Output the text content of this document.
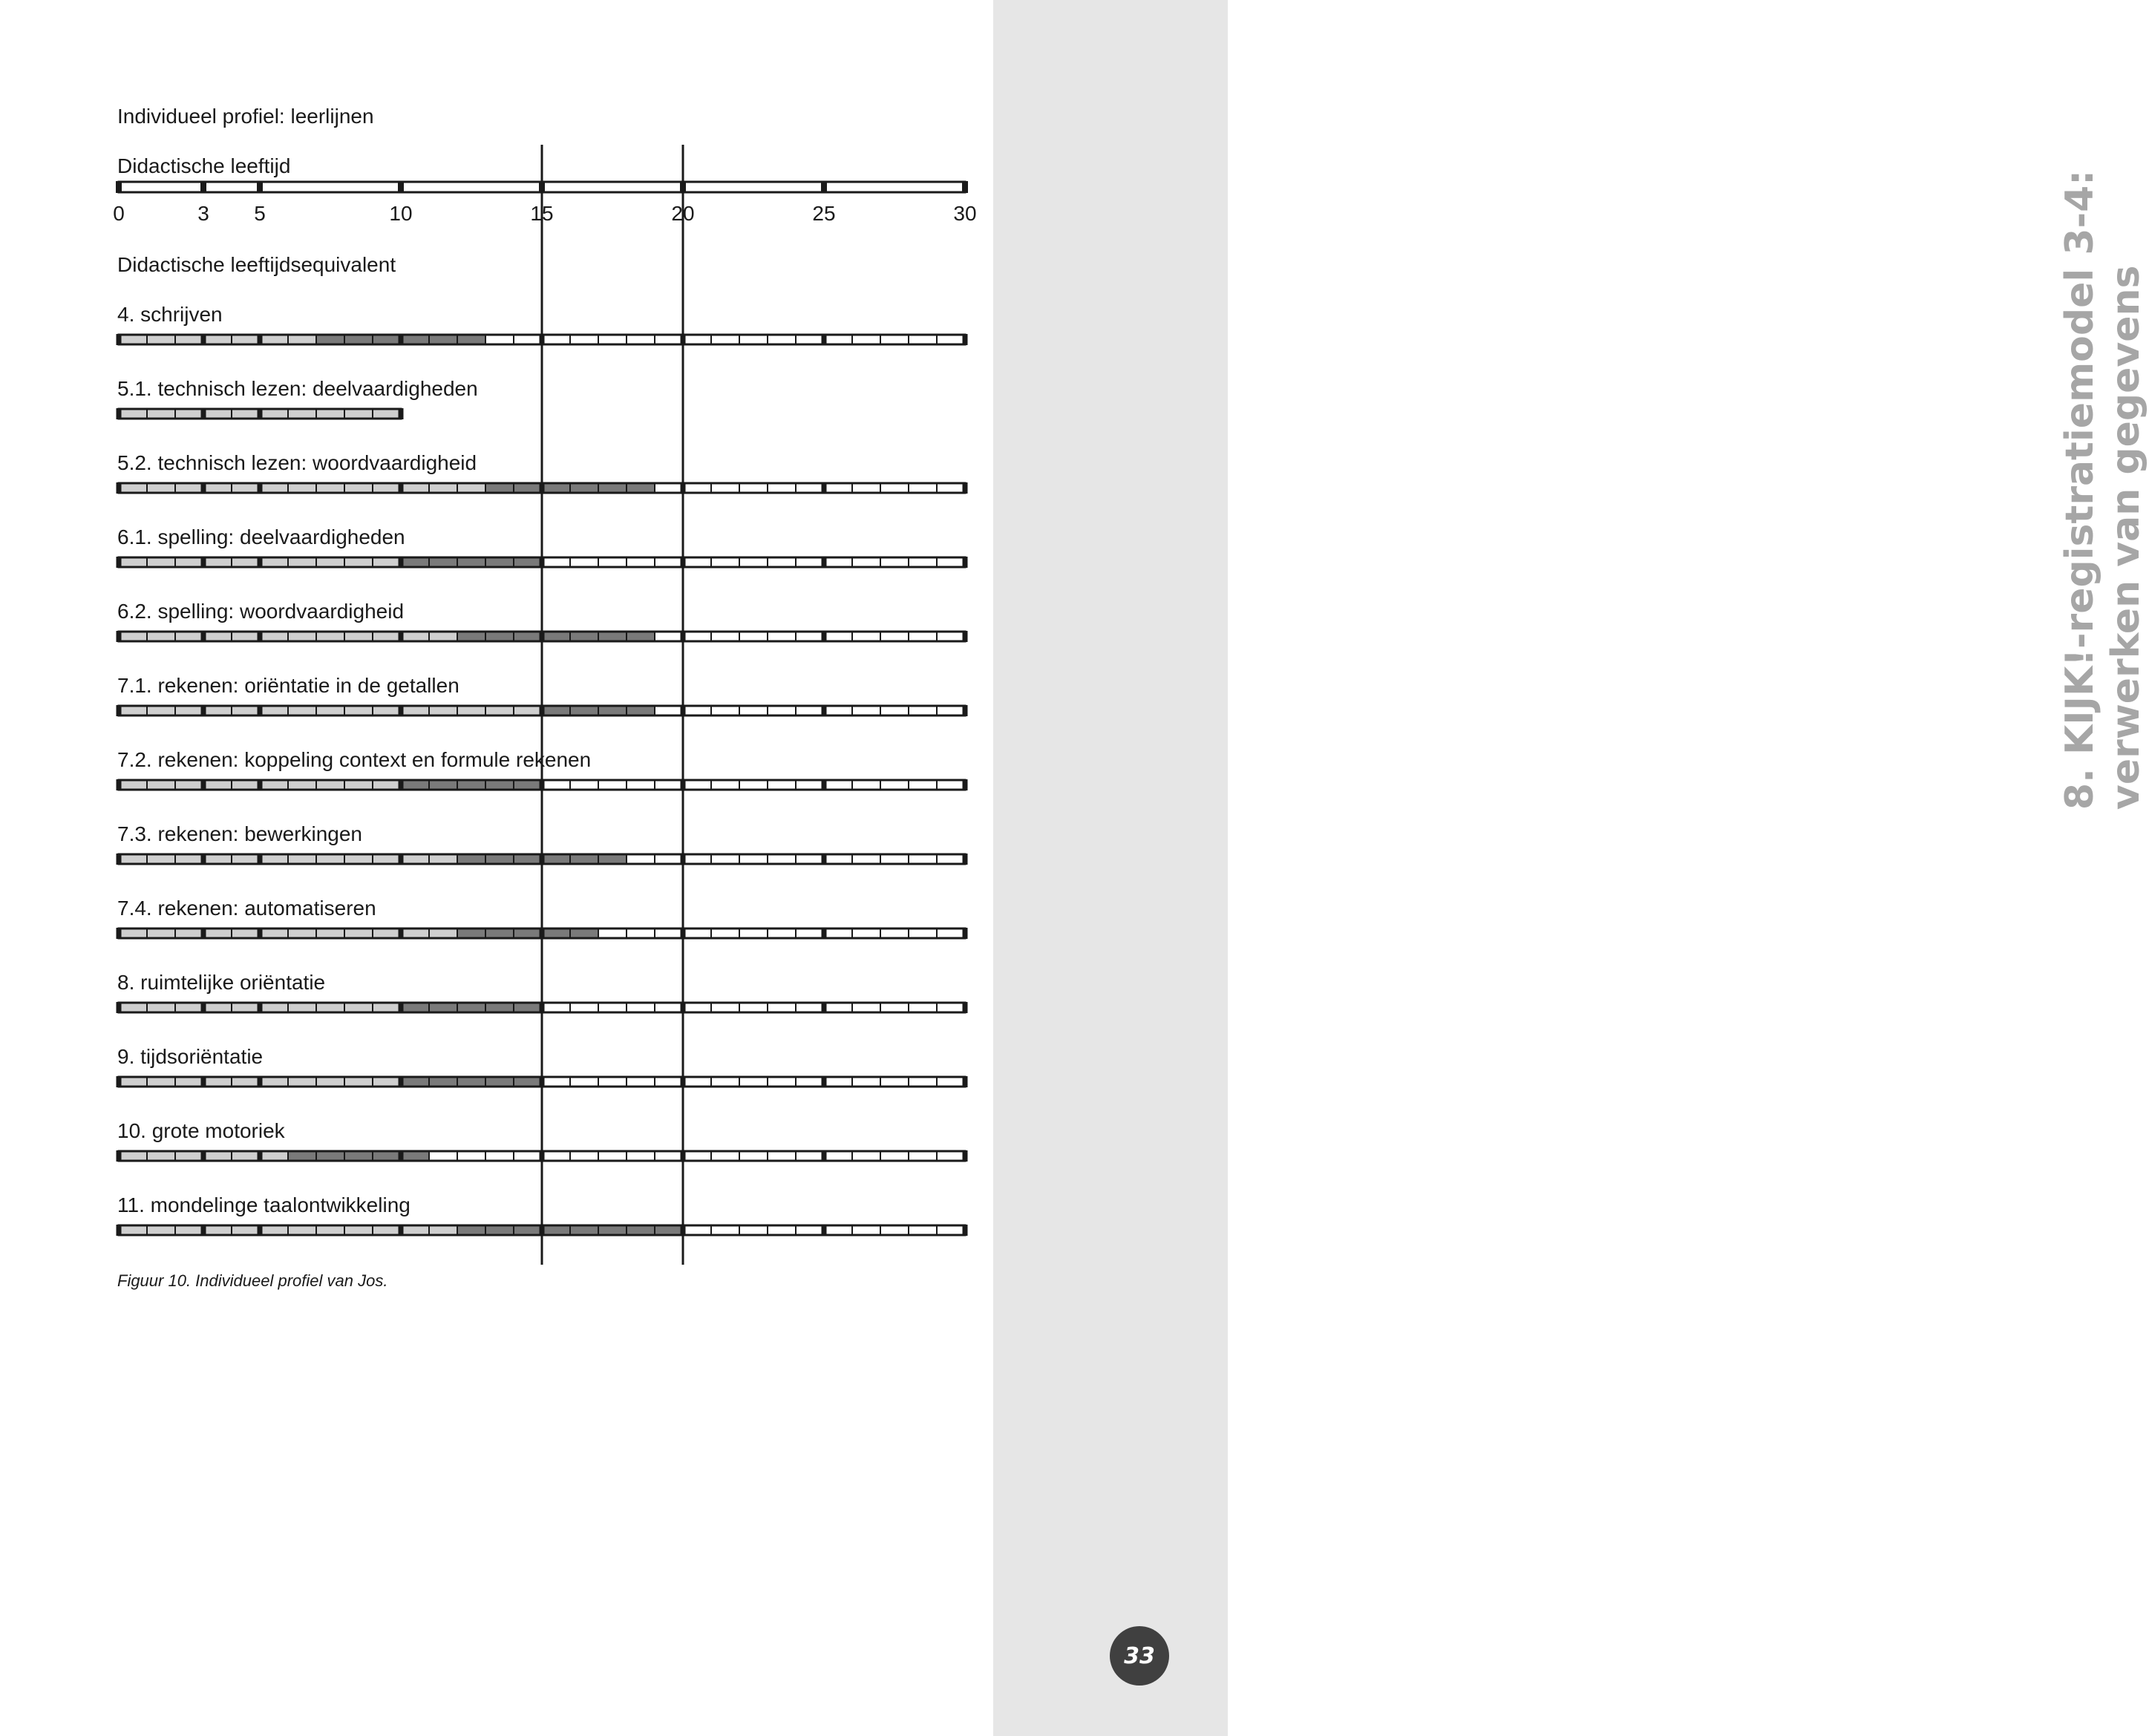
8. KIJK!-registratiemodel 3-4: verwerken van gegevens
33
Individueel profiel: leerlijnen
Didactische leeftijd
Didactische leeftijdsequivalent
0	3 5	10	15	20	25	30
4. schrijven
5.1. technisch lezen: deelvaardigheden
5.2. technisch lezen: woordvaardigheid
6.1. spelling: deelvaardigheden
6.2. spelling: woordvaardigheid
7.1. rekenen: oriëntatie in de getallen
7.2. rekenen: koppeling context en formule rekenen
7.3. rekenen: bewerkingen
7.4. rekenen: automatiseren
8. ruimtelijke oriëntatie
9. tijdsoriëntatie
10. grote motoriek
11. mondelinge taalontwikkeling
Figuur 10. Individueel profiel van Jos.
